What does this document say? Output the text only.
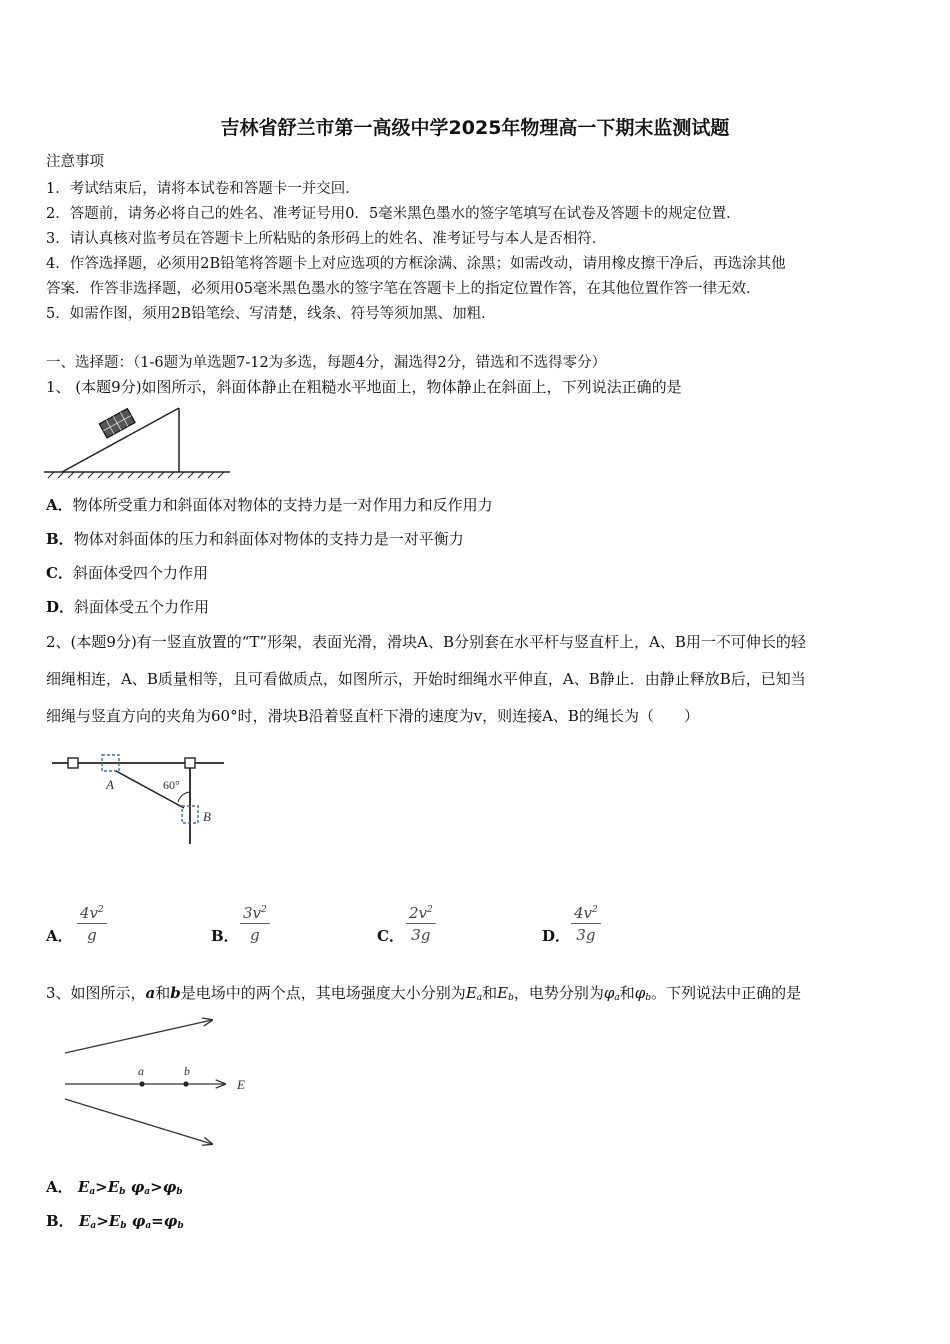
吉林省舒兰市第一高级中学2025年物理高一下期末监测试题
注意事项
1．考试结束后，请将本试卷和答题卡一并交回．
2．答题前，请务必将自己的姓名、准考证号用0．5毫米黑色墨水的签字笔填写在试卷及答题卡的规定位置．
3．请认真核对监考员在答题卡上所粘贴的条形码上的姓名、准考证号与本人是否相符．
4．作答选择题，必须用2B铅笔将答题卡上对应选项的方框涂满、涂黑；如需改动，请用橡皮擦干净后，再选涂其他
答案．作答非选择题，必须用05毫米黑色墨水的签字笔在答题卡上的指定位置作答，在其他位置作答一律无效．
5．如需作图，须用2B铅笔绘、写清楚，线条、符号等须加黑、加粗．
一、选择题：（1-6题为单选题7-12为多选，每题4分，漏选得2分，错选和不选得零分）
1、 (本题9分)如图所示，斜面体静止在粗糙水平地面上，物体静止在斜面上，下列说法正确的是
A．物体所受重力和斜面体对物体的支持力是一对作用力和反作用力
B．物体对斜面体的压力和斜面体对物体的支持力是一对平衡力
C．斜面体受四个力作用
D．斜面体受五个力作用
2、(本题9分)有一竖直放置的“T”形架，表面光滑，滑块A、B分别套在水平杆与竖直杆上，A、B用一不可伸长的轻
细绳相连，A、B质量相等，且可看做质点，如图所示，开始时细绳水平伸直，A、B静止．由静止释放B后，已知当
细绳与竖直方向的夹角为60°时，滑块B沿着竖直杆下滑的速度为v，则连接A、B的绳长为（　　）
A	60°
B
A． $\frac{4v^2}{g}$	B． $\frac{3v^2}{g}$	C． $\frac{2v^2}{3g}$	D． $\frac{4v^2}{3g}$
3、如图所示，a和b是电场中的两个点，其电场强度大小分别为$E_a$和$E_b$，电势分别为$\varphi_a$和$\varphi_b$。下列说法中正确的是
a	b
E
A． $E_a>E_b$ $\varphi_a>\varphi_b$
B． $E_a>E_b$ $\varphi_a=\varphi_b$
